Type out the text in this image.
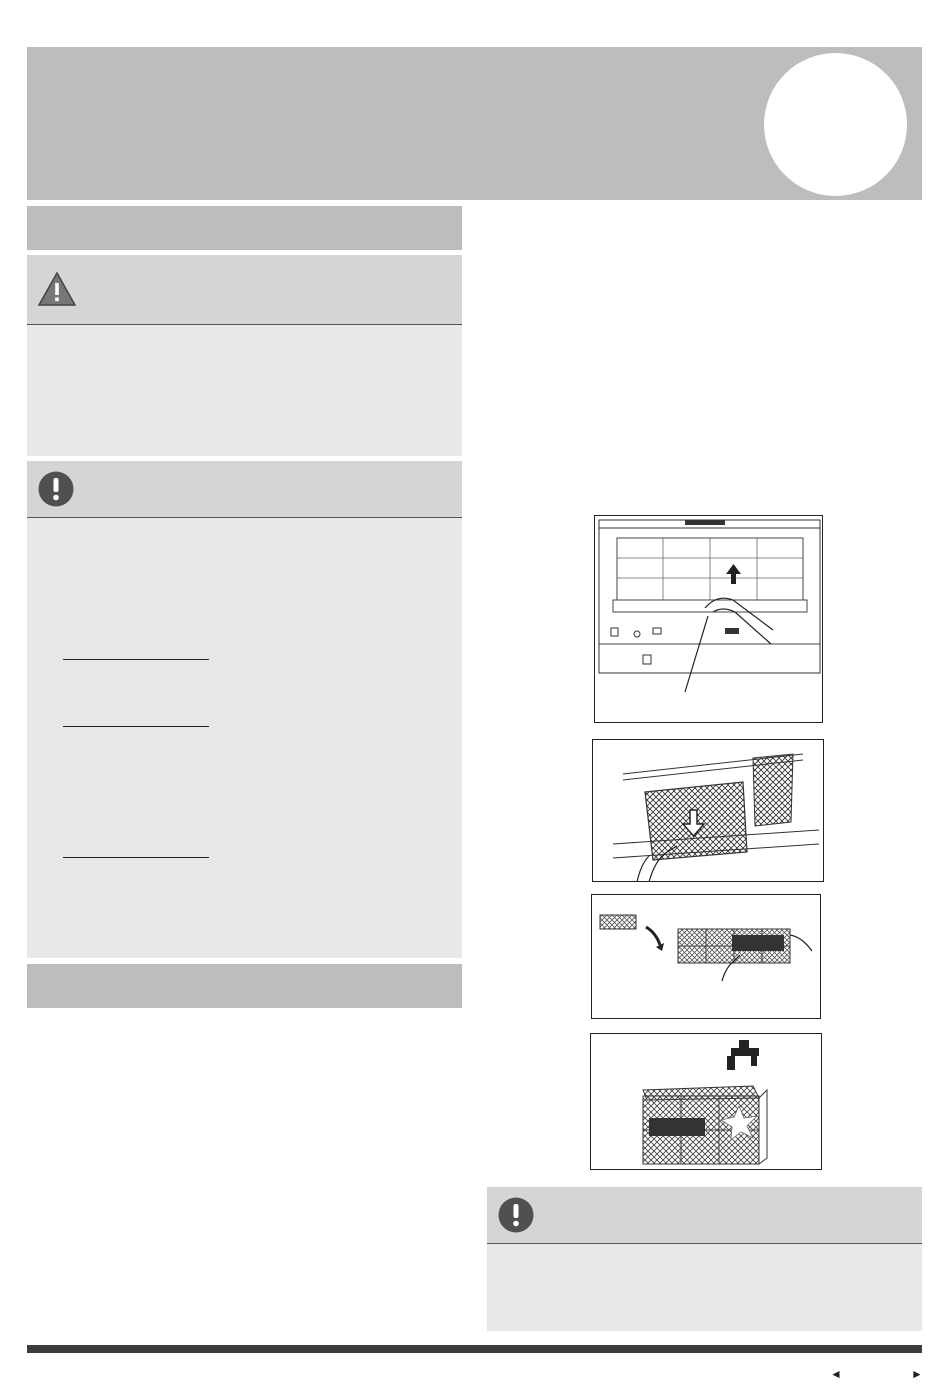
◄	►
